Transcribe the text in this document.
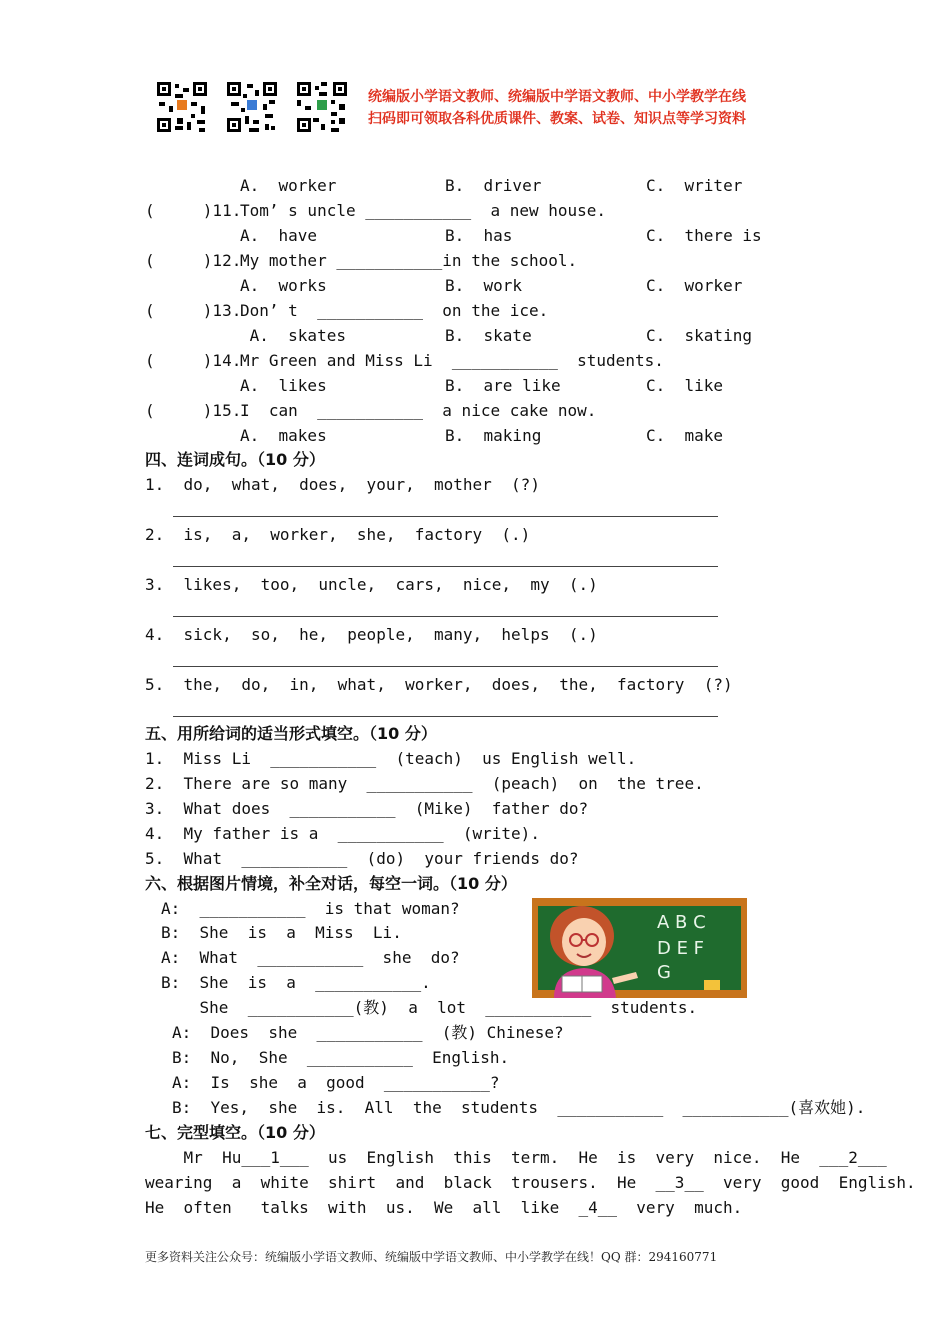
统编版小学语文教师、统编版中学语文教师、中小学教学在线
扫码即可领取各科优质课件、教案、试卷、知识点等学习资料
A.  worker	B.  driver	C.  writer
(     )11.
Tom’ s uncle ___________  a new house.
A.  have	B.  has	C.  there is
(     )12.
My mother ___________in the school.
A.  works	B.  work	C.  worker
(     )13.
Don’ t  ___________  on the ice.
A.  skates	B.  skate	C.  skating
(     )14.
Mr Green and Miss Li  ___________  students.
A.  likes	B.  are like	C.  like
(     )15.
I  can  ___________  a nice cake now.
A.  makes	B.  making	C.  make
四、连词成句。（10 分）
1.  do,  what,  does,  your,  mother  (?)
2.  is,  a,  worker,  she,  factory  (.)
3.  likes,  too,  uncle,  cars,  nice,  my  (.)
4.  sick,  so,  he,  people,  many,  helps  (.)
5.  the,  do,  in,  what,  worker,  does,  the,  factory  (?)
五、用所给词的适当形式填空。（10 分）
1.  Miss Li  ___________  (teach)  us English well.
2.  There are so many  ___________  (peach)  on  the tree.
3.  What does  ___________  (Mike)  father do?
4.  My father is a  ___________  (write).
5.  What  ___________  (do)  your friends do?
六、根据图片情境，补全对话，每空一词。（10 分）
A:  ___________  is that woman?
B:  She  is  a  Miss  Li.
A:  What  ___________  she  do?
B:  She  is  a  ___________.
She  ___________(教)  a  lot  ___________  students.
A:  Does  she  ___________  (教) Chinese?
B:  No,  She  ___________  English.
A:  Is  she  a  good  ___________?
B:  Yes,  she  is.  All  the  students  ___________  ___________(喜欢她).
A B C
D E F
G
七、完型填空。（10 分）
Mr  Hu___1___  us  English  this  term.  He  is  very  nice.  He  ___2___
wearing  a  white  shirt  and  black  trousers.  He  __3__  very  good  English.
He  often   talks  with  us.  We  all  like  _4__  very  much.
更多资料关注公众号：统编版小学语文教师、统编版中学语文教师、中小学教学在线！QQ 群：294160771
